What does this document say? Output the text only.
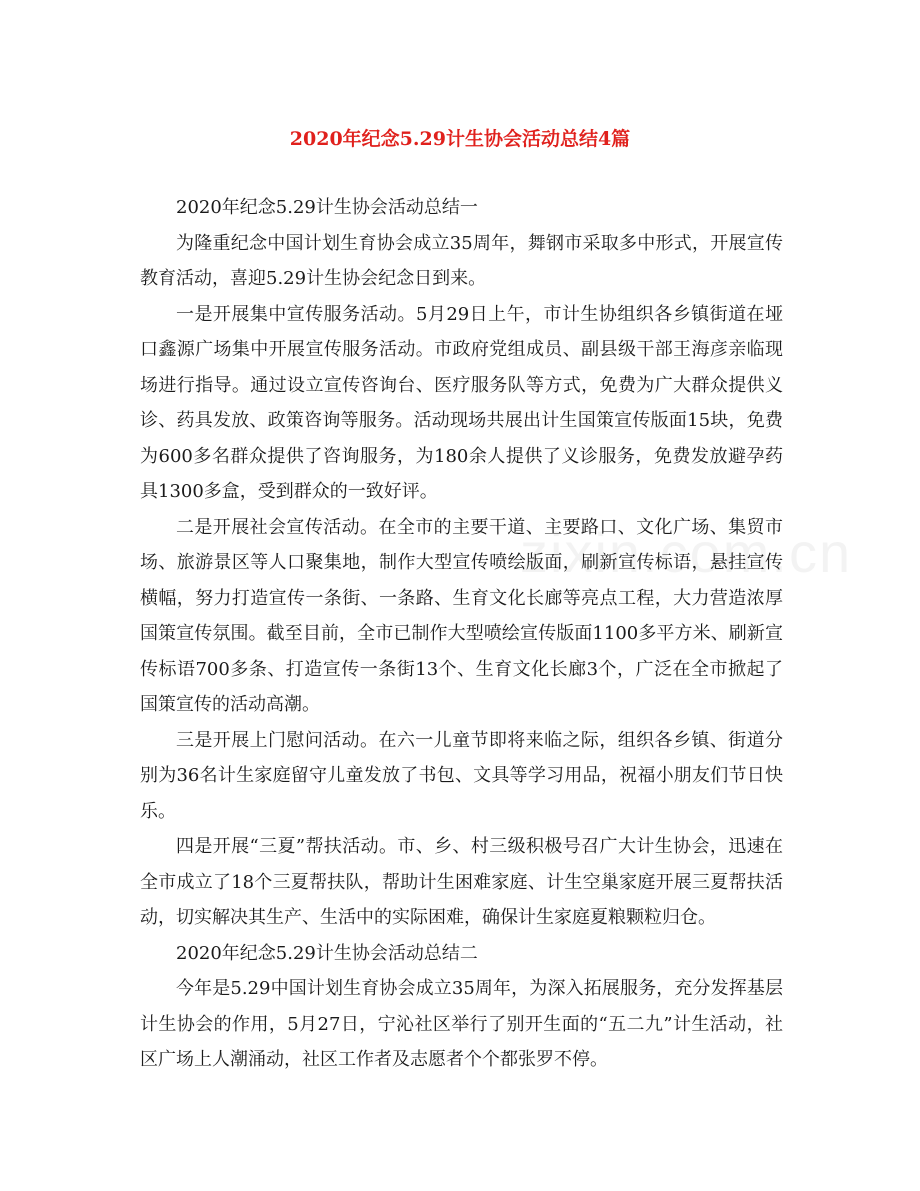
2020年纪念5.29计生协会活动总结4篇

2020年纪念5.29计生协会活动总结一

为隆重纪念中国计划生育协会成立35周年，舞钢市采取多中形式，开展宣传教育活动，喜迎5.29计生协会纪念日到来。

一是开展集中宣传服务活动。5月29日上午，市计生协组织各乡镇街道在垭口鑫源广场集中开展宣传服务活动。市政府党组成员、副县级干部王海彦亲临现场进行指导。通过设立宣传咨询台、医疗服务队等方式，免费为广大群众提供义诊、药具发放、政策咨询等服务。活动现场共展出计生国策宣传版面15块，免费为600多名群众提供了咨询服务，为180余人提供了义诊服务，免费发放避孕药具1300多盒，受到群众的一致好评。

二是开展社会宣传活动。在全市的主要干道、主要路口、文化广场、集贸市场、旅游景区等人口聚集地，制作大型宣传喷绘版面，刷新宣传标语，悬挂宣传横幅，努力打造宣传一条街、一条路、生育文化长廊等亮点工程，大力营造浓厚国策宣传氛围。截至目前，全市已制作大型喷绘宣传版面1100多平方米、刷新宣传标语700多条、打造宣传一条街13个、生育文化长廊3个，广泛在全市掀起了国策宣传的活动高潮。

三是开展上门慰问活动。在六一儿童节即将来临之际，组织各乡镇、街道分别为36名计生家庭留守儿童发放了书包、文具等学习用品，祝福小朋友们节日快乐。

四是开展“三夏”帮扶活动。市、乡、村三级积极号召广大计生协会，迅速在全市成立了18个三夏帮扶队，帮助计生困难家庭、计生空巢家庭开展三夏帮扶活动，切实解决其生产、生活中的实际困难，确保计生家庭夏粮颗粒归仓。

2020年纪念5.29计生协会活动总结二

今年是5.29中国计划生育协会成立35周年，为深入拓展服务，充分发挥基层计生协会的作用，5月27日，宁沁社区举行了别开生面的“五二九”计生活动，社区广场上人潮涌动，社区工作者及志愿者个个都张罗不停。
